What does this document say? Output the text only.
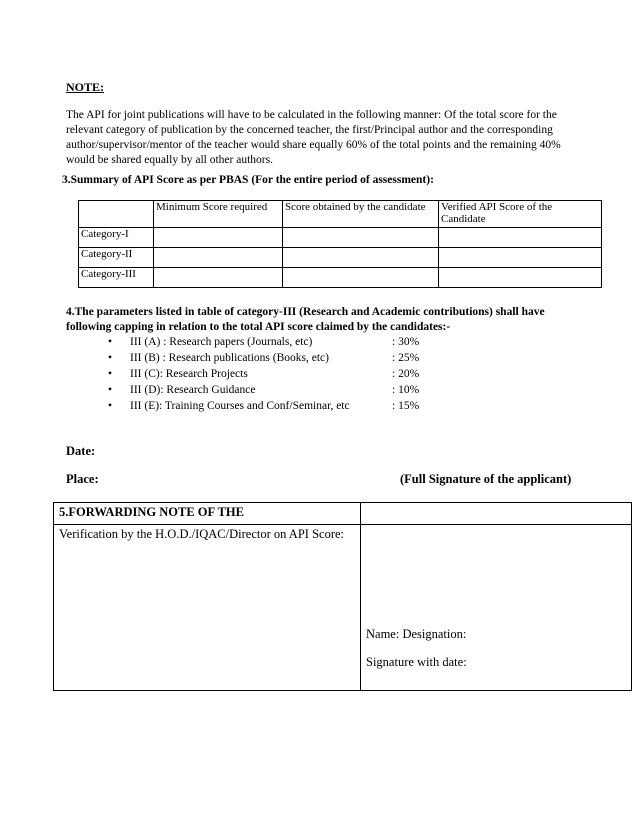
NOTE:
The API for joint publications will have to be calculated in the following manner: Of the total score for the relevant category of publication by the concerned teacher, the first/Principal author and the corresponding author/supervisor/mentor of the teacher would share equally 60% of the total points and the remaining 40% would be shared equally by all other authors.
3.Summary of API Score as per PBAS (For the entire period of assessment):
	Minimum Score required	Score obtained by the candidate	Verified API Score of the Candidate
Category-I			
Category-II			
Category-III			
4.The parameters listed in table of category-III (Research and Academic contributions) shall have following capping in relation to the total API score claimed by the candidates:-
• III (A) : Research papers (Journals, etc)	: 30%
• III (B) : Research publications (Books, etc)	: 25%
• III (C): Research Projects	: 20%
• III (D): Research Guidance	: 10%
• III (E): Training Courses and Conf/Seminar, etc	: 15%
Date:
Place:	(Full Signature of the applicant)
5.FORWARDING NOTE OF THE	
Verification by the H.O.D./IQAC/Director on API Score:	Name: Designation:
Signature with date:
